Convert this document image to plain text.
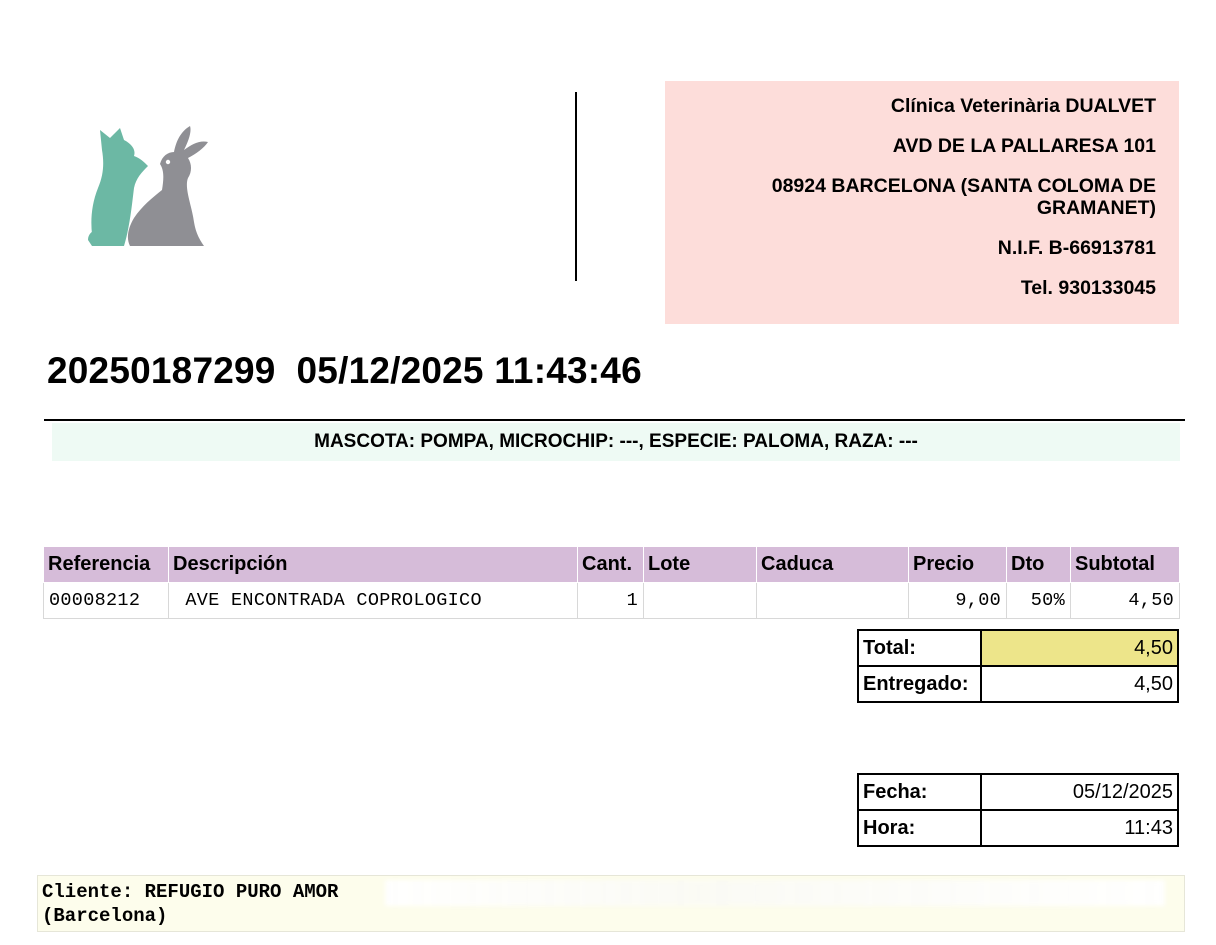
Clínica Veterinària DUALVET
AVD DE LA PALLARESA 101
08924 BARCELONA (SANTA COLOMA DE GRAMANET)
N.I.F. B-66913781
Tel. 930133045
20250187299 05/12/2025 11:43:46
MASCOTA: POMPA, MICROCHIP: ---, ESPECIE: PALOMA, RAZA: ---
Referencia	Descripción	Cant.	Lote	Caduca	Precio	Dto	Subtotal
00008212	AVE ENCONTRADA COPROLOGICO	1			9,00	50%	4,50
Total:	4,50
Entregado:	4,50
Fecha:	05/12/2025
Hora:	11:43
Cliente: REFUGIO PURO AMOR
(Barcelona)
